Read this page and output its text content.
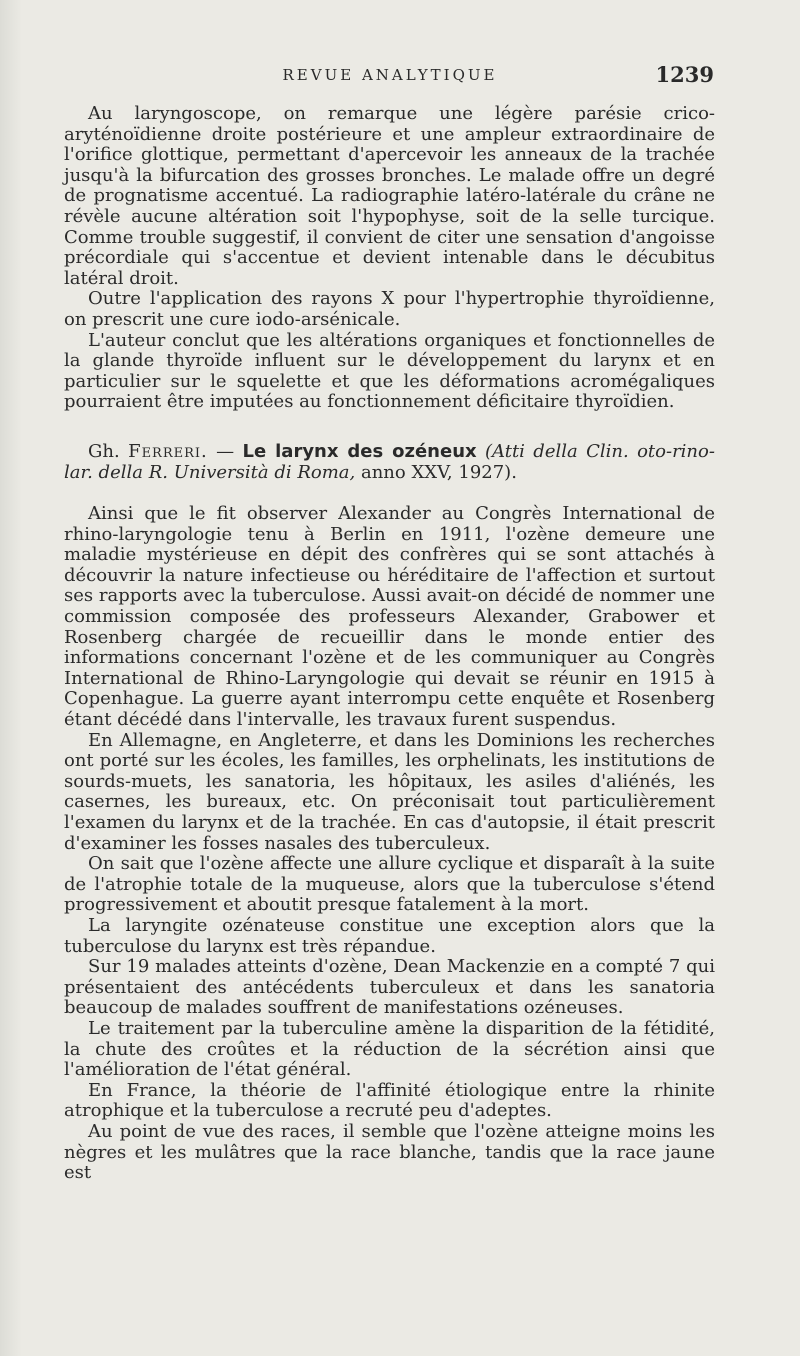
REVUE ANALYTIQUE	1239

Au laryngoscope, on remarque une légère parésie crico-aryténoïdienne droite postérieure et une ampleur extraordinaire de l'orifice glottique, permettant d'apercevoir les anneaux de la trachée jusqu'à la bifurcation des grosses bronches. Le malade offre un degré de prognatisme accentué. La radiographie latéro-latérale du crâne ne révèle aucune altération soit l'hypophyse, soit de la selle turcique. Comme trouble suggestif, il convient de citer une sensation d'angoisse précordiale qui s'accentue et devient intenable dans le décubitus latéral droit.

Outre l'application des rayons X pour l'hypertrophie thyroïdienne, on prescrit une cure iodo-arsénicale.

L'auteur conclut que les altérations organiques et fonctionnelles de la glande thyroïde influent sur le développement du larynx et en particulier sur le squelette et que les déformations acromégaliques pourraient être imputées au fonctionnement déficitaire thyroïdien.

Gh. Ferreri. — Le larynx des ozéneux (Atti della Clin. oto-rino-lar. della R. Università di Roma, anno XXV, 1927).

Ainsi que le fit observer Alexander au Congrès International de rhino-laryngologie tenu à Berlin en 1911, l'ozène demeure une maladie mystérieuse en dépit des confrères qui se sont attachés à découvrir la nature infectieuse ou héréditaire de l'affection et surtout ses rapports avec la tuberculose. Aussi avait-on décidé de nommer une commission composée des professeurs Alexander, Grabower et Rosenberg chargée de recueillir dans le monde entier des informations concernant l'ozène et de les communiquer au Congrès International de Rhino-Laryngologie qui devait se réunir en 1915 à Copenhague. La guerre ayant interrompu cette enquête et Rosenberg étant décédé dans l'intervalle, les travaux furent suspendus.

En Allemagne, en Angleterre, et dans les Dominions les recherches ont porté sur les écoles, les familles, les orphelinats, les institutions de sourds-muets, les sanatoria, les hôpitaux, les asiles d'aliénés, les casernes, les bureaux, etc. On préconisait tout particulièrement l'examen du larynx et de la trachée. En cas d'autopsie, il était prescrit d'examiner les fosses nasales des tuberculeux.

On sait que l'ozène affecte une allure cyclique et disparaît à la suite de l'atrophie totale de la muqueuse, alors que la tuberculose s'étend progressivement et aboutit presque fatalement à la mort.

La laryngite ozénateuse constitue une exception alors que la tuberculose du larynx est très répandue.

Sur 19 malades atteints d'ozène, Dean Mackenzie en a compté 7 qui présentaient des antécédents tuberculeux et dans les sanatoria beaucoup de malades souffrent de manifestations ozéneuses.

Le traitement par la tuberculine amène la disparition de la fétidité, la chute des croûtes et la réduction de la sécrétion ainsi que l'amélioration de l'état général.

En France, la théorie de l'affinité étiologique entre la rhinite atrophique et la tuberculose a recruté peu d'adeptes.

Au point de vue des races, il semble que l'ozène atteigne moins les nègres et les mulâtres que la race blanche, tandis que la race jaune est
